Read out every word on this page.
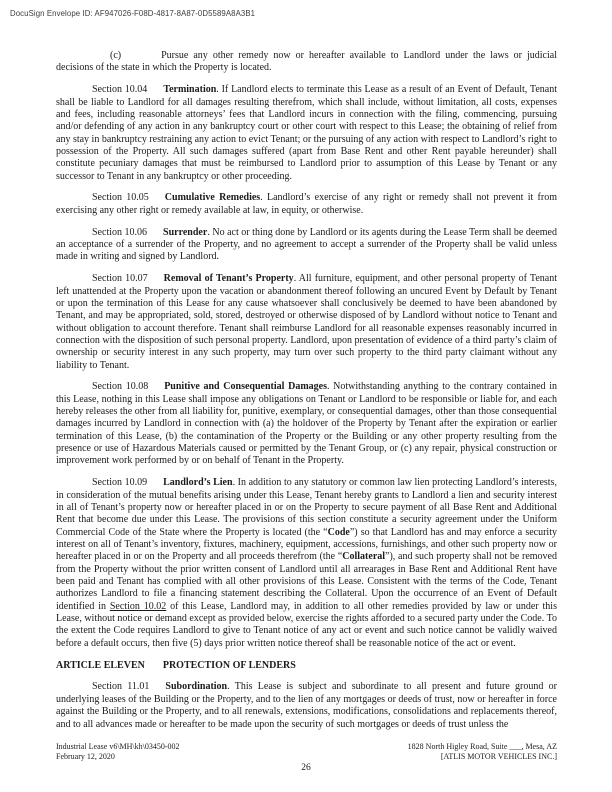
DocuSign Envelope ID: AF947026-F08D-4817-8A87-0D5589A8A3B1

(c)	Pursue any other remedy now or hereafter available to Landlord under the laws or judicial decisions of the state in which the Property is located.

Section 10.04 Termination. If Landlord elects to terminate this Lease as a result of an Event of Default, Tenant shall be liable to Landlord for all damages resulting therefrom, which shall include, without limitation, all costs, expenses and fees, including reasonable attorneys’ fees that Landlord incurs in connection with the filing, commencing, pursuing and/or defending of any action in any bankruptcy court or other court with respect to this Lease; the obtaining of relief from any stay in bankruptcy restraining any action to evict Tenant; or the pursuing of any action with respect to Landlord’s right to possession of the Property. All such damages suffered (apart from Base Rent and other Rent payable hereunder) shall constitute pecuniary damages that must be reimbursed to Landlord prior to assumption of this Lease by Tenant or any successor to Tenant in any bankruptcy or other proceeding.

Section 10.05 Cumulative Remedies. Landlord’s exercise of any right or remedy shall not prevent it from exercising any other right or remedy available at law, in equity, or otherwise.

Section 10.06 Surrender. No act or thing done by Landlord or its agents during the Lease Term shall be deemed an acceptance of a surrender of the Property, and no agreement to accept a surrender of the Property shall be valid unless made in writing and signed by Landlord.

Section 10.07 Removal of Tenant’s Property. All furniture, equipment, and other personal property of Tenant left unattended at the Property upon the vacation or abandonment thereof following an uncured Event by Default by Tenant or upon the termination of this Lease for any cause whatsoever shall conclusively be deemed to have been abandoned by Tenant, and may be appropriated, sold, stored, destroyed or otherwise disposed of by Landlord without notice to Tenant and without obligation to account therefore. Tenant shall reimburse Landlord for all reasonable expenses reasonably incurred in connection with the disposition of such personal property. Landlord, upon presentation of evidence of a third party’s claim of ownership or security interest in any such property, may turn over such property to the third party claimant without any liability to Tenant.

Section 10.08 Punitive and Consequential Damages. Notwithstanding anything to the contrary contained in this Lease, nothing in this Lease shall impose any obligations on Tenant or Landlord to be responsible or liable for, and each hereby releases the other from all liability for, punitive, exemplary, or consequential damages, other than those consequential damages incurred by Landlord in connection with (a) the holdover of the Property by Tenant after the expiration or earlier termination of this Lease, (b) the contamination of the Property or the Building or any other property resulting from the presence or use of Hazardous Materials caused or permitted by the Tenant Group, or (c) any repair, physical construction or improvement work performed by or on behalf of Tenant in the Property.

Section 10.09 Landlord’s Lien. In addition to any statutory or common law lien protecting Landlord’s interests, in consideration of the mutual benefits arising under this Lease, Tenant hereby grants to Landlord a lien and security interest in all of Tenant’s property now or hereafter placed in or on the Property to secure payment of all Base Rent and Additional Rent that become due under this Lease. The provisions of this section constitute a security agreement under the Uniform Commercial Code of the State where the Property is located (the “Code”) so that Landlord has and may enforce a security interest on all of Tenant’s inventory, fixtures, machinery, equipment, accessions, furnishings, and other such property now or hereafter placed in or on the Property and all proceeds therefrom (the “Collateral”), and such property shall not be removed from the Property without the prior written consent of Landlord until all arrearages in Base Rent and Additional Rent have been paid and Tenant has complied with all other provisions of this Lease. Consistent with the terms of the Code, Tenant authorizes Landlord to file a financing statement describing the Collateral. Upon the occurrence of an Event of Default identified in Section 10.02 of this Lease, Landlord may, in addition to all other remedies provided by law or under this Lease, without notice or demand except as provided below, exercise the rights afforded to a secured party under the Code. To the extent the Code requires Landlord to give to Tenant notice of any act or event and such notice cannot be validly waived before a default occurs, then five (5) days prior written notice thereof shall be reasonable notice of the act or event.

ARTICLE ELEVEN PROTECTION OF LENDERS

Section 11.01 Subordination. This Lease is subject and subordinate to all present and future ground or underlying leases of the Building or the Property, and to the lien of any mortgages or deeds of trust, now or hereafter in force against the Building or the Property, and to all renewals, extensions, modifications, consolidations and replacements thereof, and to all advances made or hereafter to be made upon the security of such mortgages or deeds of trust unless the

Industrial Lease v6\MH\kh\03450-002
February 12, 2020
1828 North Higley Road, Suite ___, Mesa, AZ
[ATLIS MOTOR VEHICLES INC.]
26
